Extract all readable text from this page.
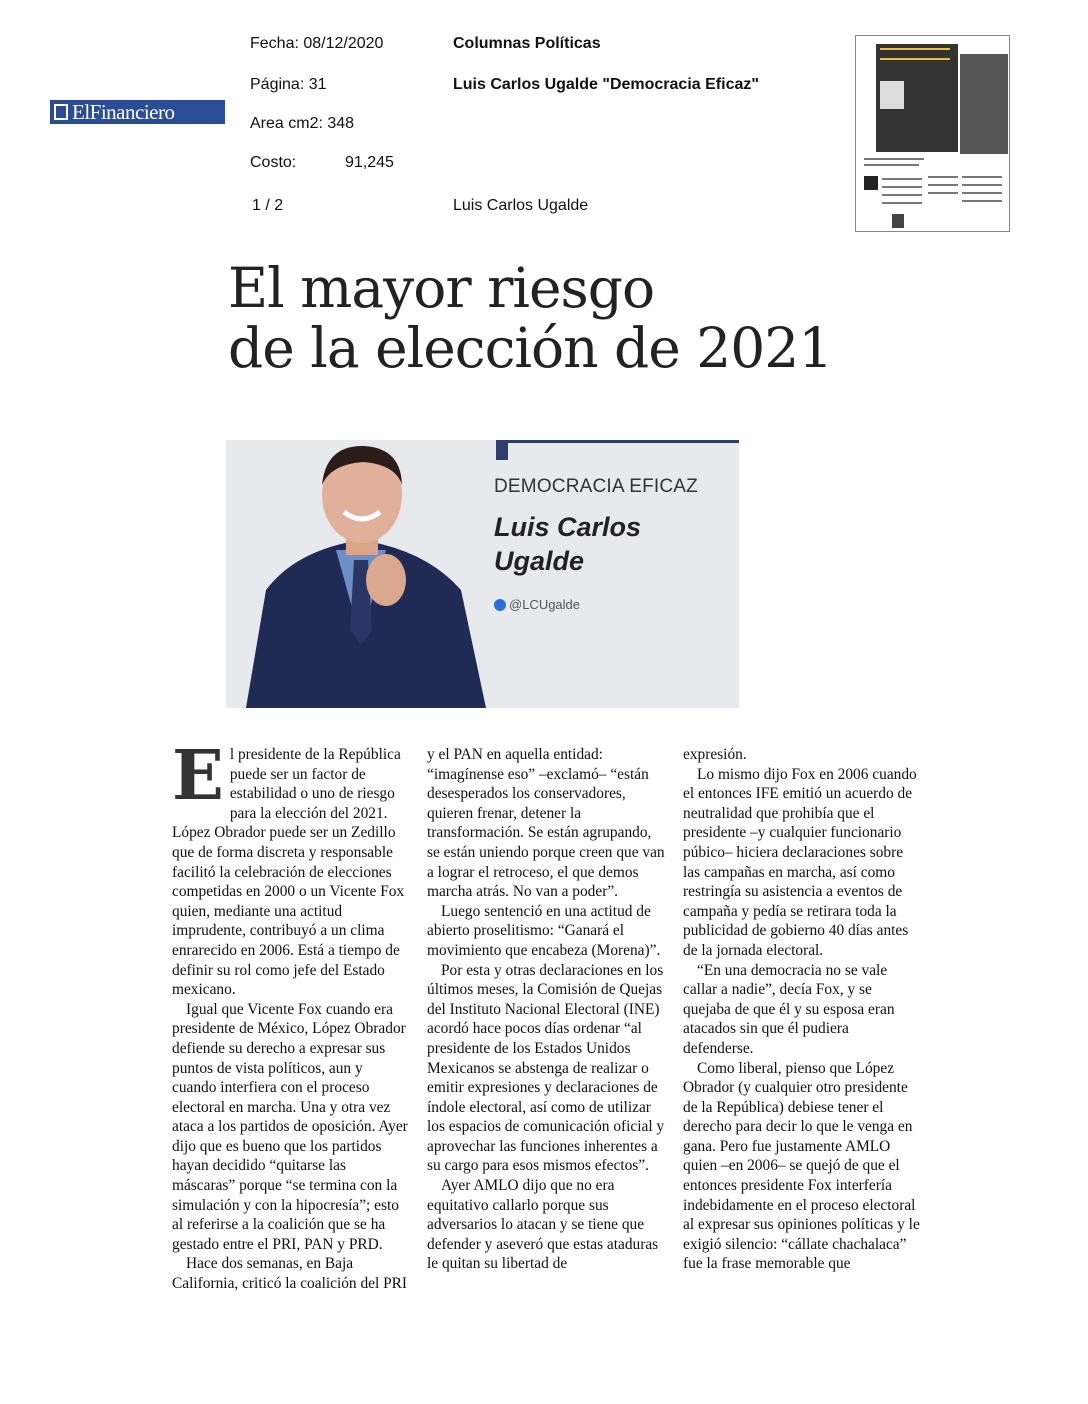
ElFinanciero
Fecha: 08/12/2020
Página: 31
Area cm2: 348
Costo:	91,245
1 / 2
Columnas Políticas
Luis Carlos Ugalde "Democracia Eficaz"
Luis Carlos Ugalde
El mayor riesgo
de la elección de 2021
DEMOCRACIA EFICAZ
Luis Carlos
Ugalde
@LCUgalde

El presidente de la República puede ser un factor de estabilidad o uno de riesgo para la elección del 2021. López Obrador puede ser un Zedillo que de forma discreta y responsable facilitó la celebración de elecciones competidas en 2000 o un Vicente Fox quien, mediante una actitud imprudente, contribuyó a un clima enrarecido en 2006. Está a tiempo de definir su rol como jefe del Estado mexicano.

Igual que Vicente Fox cuando era presidente de México, López Obrador defiende su derecho a expresar sus puntos de vista políticos, aun y cuando interfiera con el proceso electoral en marcha. Una y otra vez ataca a los partidos de oposición. Ayer dijo que es bueno que los partidos hayan decidido “quitarse las máscaras” porque “se termina con la simulación y con la hipocresía”; esto al referirse a la coalición que se ha gestado entre el PRI, PAN y PRD.

Hace dos semanas, en Baja California, criticó la coalición del PRI

y el PAN en aquella entidad: “imagínense eso” –exclamó– “están desesperados los conservadores, quieren frenar, detener la transformación. Se están agrupando, se están uniendo porque creen que van a lograr el retroceso, el que demos marcha atrás. No van a poder”.

Luego sentenció en una actitud de abierto proselitismo: “Ganará el movimiento que encabeza (Morena)”.

Por esta y otras declaraciones en los últimos meses, la Comisión de Quejas del Instituto Nacional Electoral (INE) acordó hace pocos días ordenar “al presidente de los Estados Unidos Mexicanos se abstenga de realizar o emitir expresiones y declaraciones de índole electoral, así como de utilizar los espacios de comunicación oficial y aprovechar las funciones inherentes a su cargo para esos mismos efectos”.

Ayer AMLO dijo que no era equitativo callarlo porque sus adversarios lo atacan y se tiene que defender y aseveró que estas ataduras le quitan su libertad de

expresión.

Lo mismo dijo Fox en 2006 cuando el entonces IFE emitió un acuerdo de neutralidad que prohibía que el presidente –y cualquier funcionario púbico– hiciera declaraciones sobre las campañas en marcha, así como restringía su asistencia a eventos de campaña y pedía se retirara toda la publicidad de gobierno 40 días antes de la jornada electoral.

“En una democracia no se vale callar a nadie”, decía Fox, y se quejaba de que él y su esposa eran atacados sin que él pudiera defenderse.

Como liberal, pienso que López Obrador (y cualquier otro presidente de la República) debiese tener el derecho para decir lo que le venga en gana. Pero fue justamente AMLO quien –en 2006– se quejó de que el entonces presidente Fox interfería indebidamente en el proceso electoral al expresar sus opiniones políticas y le exigió silencio: “cállate chachalaca” fue la frase memorable que
